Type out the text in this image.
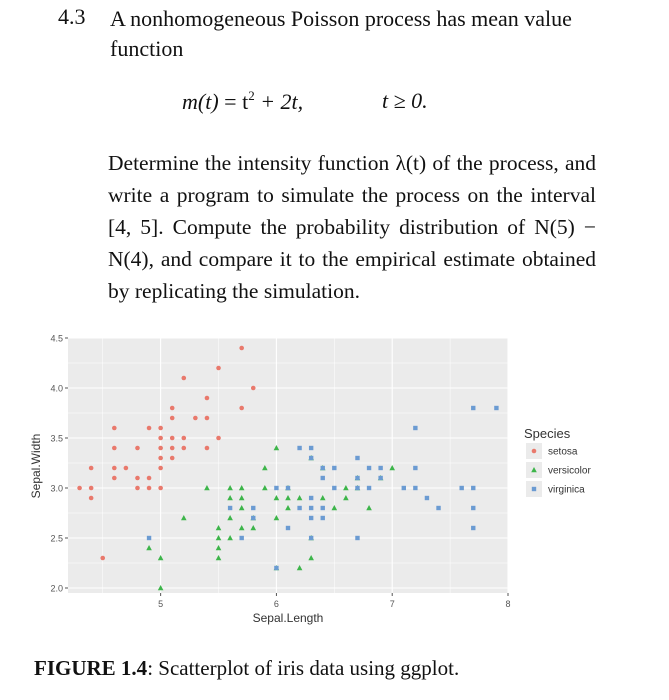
4.3 A nonhomogeneous Poisson process has mean value function
$m(t) = t^2 + 2t$,	t ≥ 0.
Determine the intensity function λ(t) of the process, and write a program to simulate the process on the interval [4, 5]. Compute the probability distribution of N(5) − N(4), and compare it to the empirical estimate obtained by replicating the simulation.
2.0
2.5
3.0
3.5
4.0
4.5
5	6	7	8
Sepal.Length
Sepal.Width
Species
setosa
versicolor
virginica
FIGURE 1.4: Scatterplot of iris data using ggplot.
